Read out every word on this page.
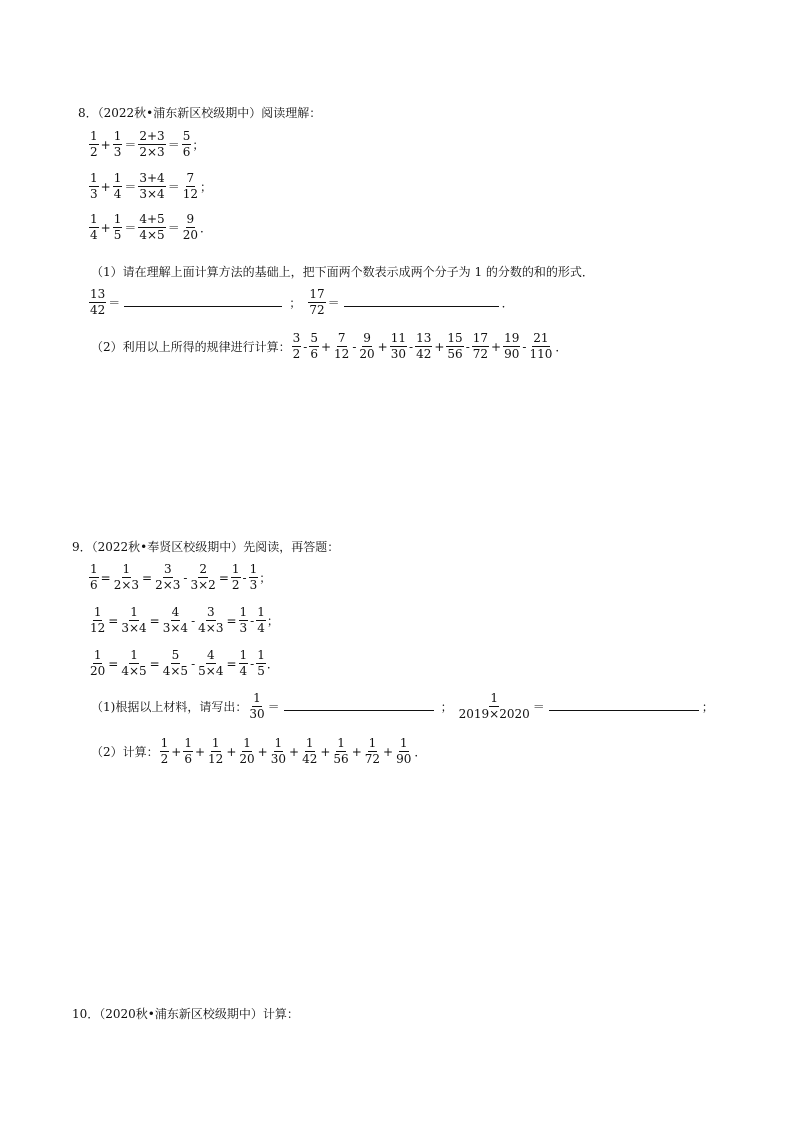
8．（2022秋•浦东新区校级期中）阅读理解：
$\frac{1}{2} + \frac{1}{3} = \frac{2+3}{2\times 3} = \frac{5}{6}$ ；
$\frac{1}{3} + \frac{1}{4} = \frac{3+4}{3\times 4} = \frac{7}{12}$ ；
$\frac{1}{4} + \frac{1}{5} = \frac{4+5}{4\times 5} = \frac{9}{20}$ ．
（1）请在理解上面计算方法的基础上，把下面两个数表示成两个分子为 1 的分数的和的形式．
$\frac{13}{42}$ ＝	； $\frac{17}{72}$ ＝	．
（2）利用以上所得的规律进行计算： $\frac{3}{2} - \frac{5}{6} + \frac{7}{12} - \frac{9}{20} + \frac{11}{30} - \frac{13}{42} + \frac{15}{56} - \frac{17}{72} + \frac{19}{90} - \frac{21}{110}$ ．
9．（2022秋•奉贤区校级期中）先阅读，再答题：
$\frac{1}{6} = \frac{1}{2\times 3} = \frac{3}{2\times 3} - \frac{2}{3\times 2} = \frac{1}{2} - \frac{1}{3}$ ；
$\frac{1}{12} = \frac{1}{3\times 4} = \frac{4}{3\times 4} - \frac{3}{4\times 3} = \frac{1}{3} - \frac{1}{4}$ ；
$\frac{1}{20} = \frac{1}{4\times 5} = \frac{5}{4\times 5} - \frac{4}{5\times 4} = \frac{1}{4} - \frac{1}{5}$ ．
（1)根据以上材料，请写出： $\frac{1}{30}$ ＝	； $\frac{1}{2019\times 2020}$ ＝	；
（2）计算： $\frac{1}{2} + \frac{1}{6} + \frac{1}{12} + \frac{1}{20} + \frac{1}{30} + \frac{1}{42} + \frac{1}{56} + \frac{1}{72} + \frac{1}{90}$ ．
10．（2020秋•浦东新区校级期中）计算：
